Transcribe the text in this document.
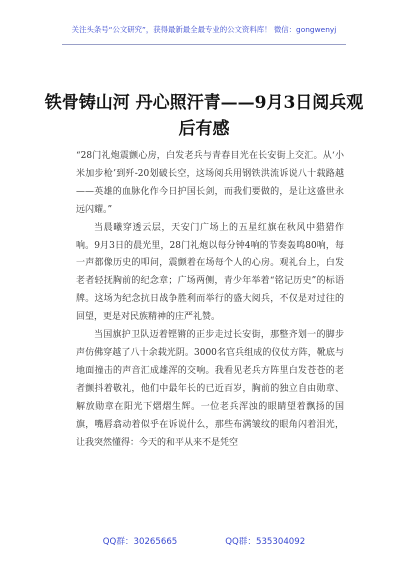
关注头条号“公文研究”，获得最新最全最专业的公文资料库！ 微信：gongwenyj
铁骨铸山河 丹心照汗青——9月3日阅兵观后有感

“28门礼炮震颤心房，白发老兵与青春目光在长安街上交汇。从‘小米加步枪’到歼-20划破长空，这场阅兵用钢铁洪流诉说八十载路越——英雄的血脉化作今日护国长剑，而我们要做的，是让这盛世永远闪耀。”

当晨曦穿透云层，天安门广场上的五星红旗在秋风中猎猎作响。9月3日的晨光里，28门礼炮以每分钟4响的节奏轰鸣80响，每一声都像历史的叩问，震颤着在场每个人的心房。观礼台上，白发老者轻抚胸前的纪念章；广场两侧，青少年举着“铭记历史”的标语牌。这场为纪念抗日战争胜利而举行的盛大阅兵，不仅是对过往的回望，更是对民族精神的庄严礼赞。

当国旗护卫队迈着铿锵的正步走过长安街，那整齐划一的脚步声仿佛穿越了八十余载光阴。3000名官兵组成的仪仗方阵，靴底与地面撞击的声音汇成雄浑的交响。我看见老兵方阵里白发苍苍的老者颤抖着敬礼，他们中最年长的已近百岁，胸前的独立自由勋章、解放勋章在阳光下熠熠生辉。一位老兵浑浊的眼睛望着飘扬的国旗，嘴唇翕动着似乎在诉说什么，那些布满皱纹的眼角闪着泪光，让我突然懂得：今天的和平从来不是凭空

QQ群：30265665	QQ群：535304092
